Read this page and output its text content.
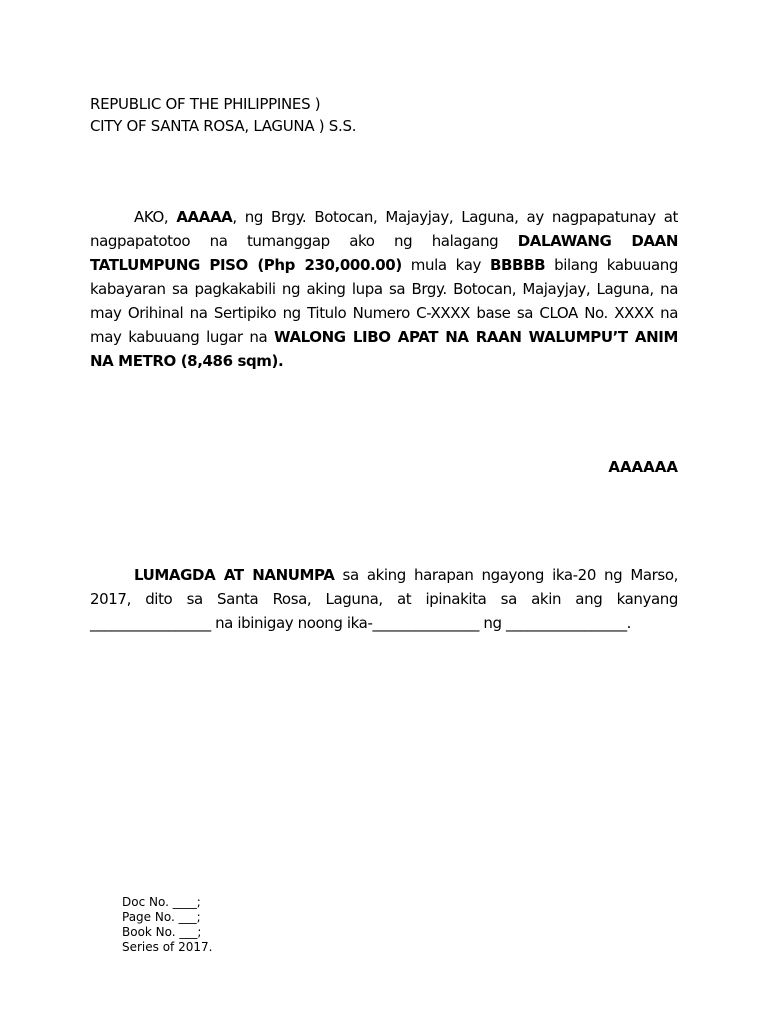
REPUBLIC OF THE PHILIPPINES )
CITY OF SANTA ROSA, LAGUNA ) S.S.
AKO, AAAAA, ng Brgy. Botocan, Majayjay, Laguna, ay nagpapatunay at nagpapatotoo na tumanggap ako ng halagang DALAWANG DAAN TATLUMPUNG PISO (Php 230,000.00) mula kay BBBBB bilang kabuuang kabayaran sa pagkakabili ng aking lupa sa Brgy. Botocan, Majayjay, Laguna, na may Orihinal na Sertipiko ng Titulo Numero C-XXXX base sa CLOA No. XXXX na may kabuuang lugar na WALONG LIBO APAT NA RAAN WALUMPU’T ANIM NA METRO (8,486 sqm).
AAAAAA
LUMAGDA AT NANUMPA sa aking harapan ngayong ika-20 ng Marso, 2017, dito sa Santa Rosa, Laguna, at ipinakita sa akin ang kanyang _________________ na ibinigay noong ika-_______________ ng _________________.
Doc No. ____;
Page No. ___;
Book No. ___;
Series of 2017.
